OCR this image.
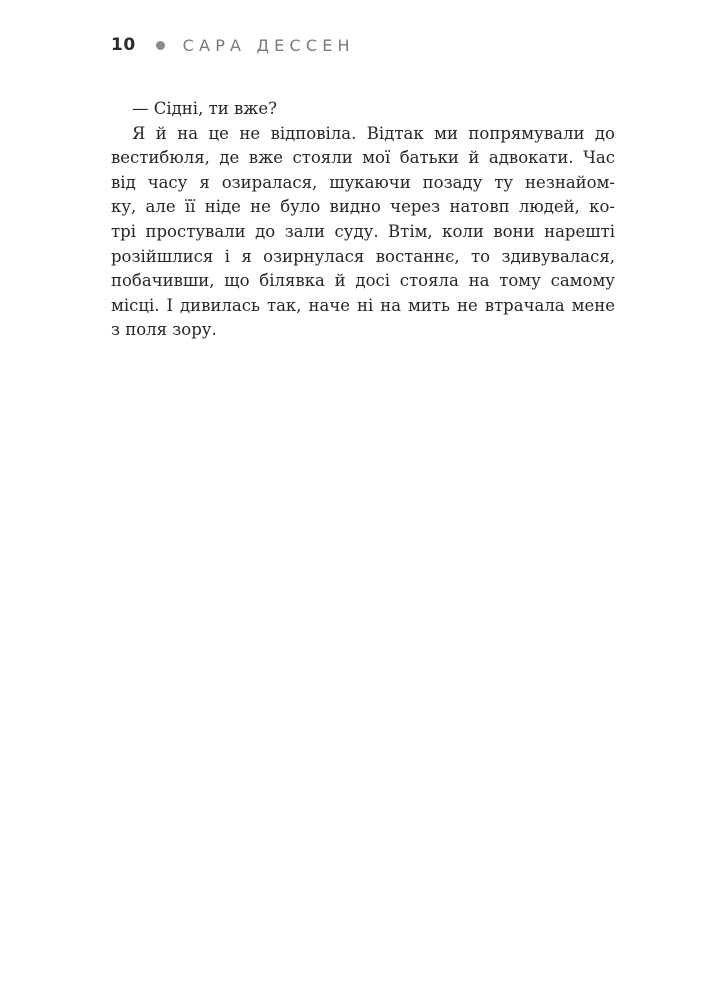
10	САРА ДЕССЕН
— Сідні, ти вже?
Я й на це не відповіла. Відтак ми попрямували до
вестибюля, де вже стояли мої батьки й адвокати. Час
від часу я озиралася, шукаючи позаду ту незнайом-
ку, але її ніде не було видно через натовп людей, ко-
трі простували до зали суду. Втім, коли вони нарешті
розійшлися і я озирнулася востаннє, то здивувалася,
побачивши, що білявка й досі стояла на тому самому
місці. І дивилась так, наче ні на мить не втрачала мене
з поля зору.
